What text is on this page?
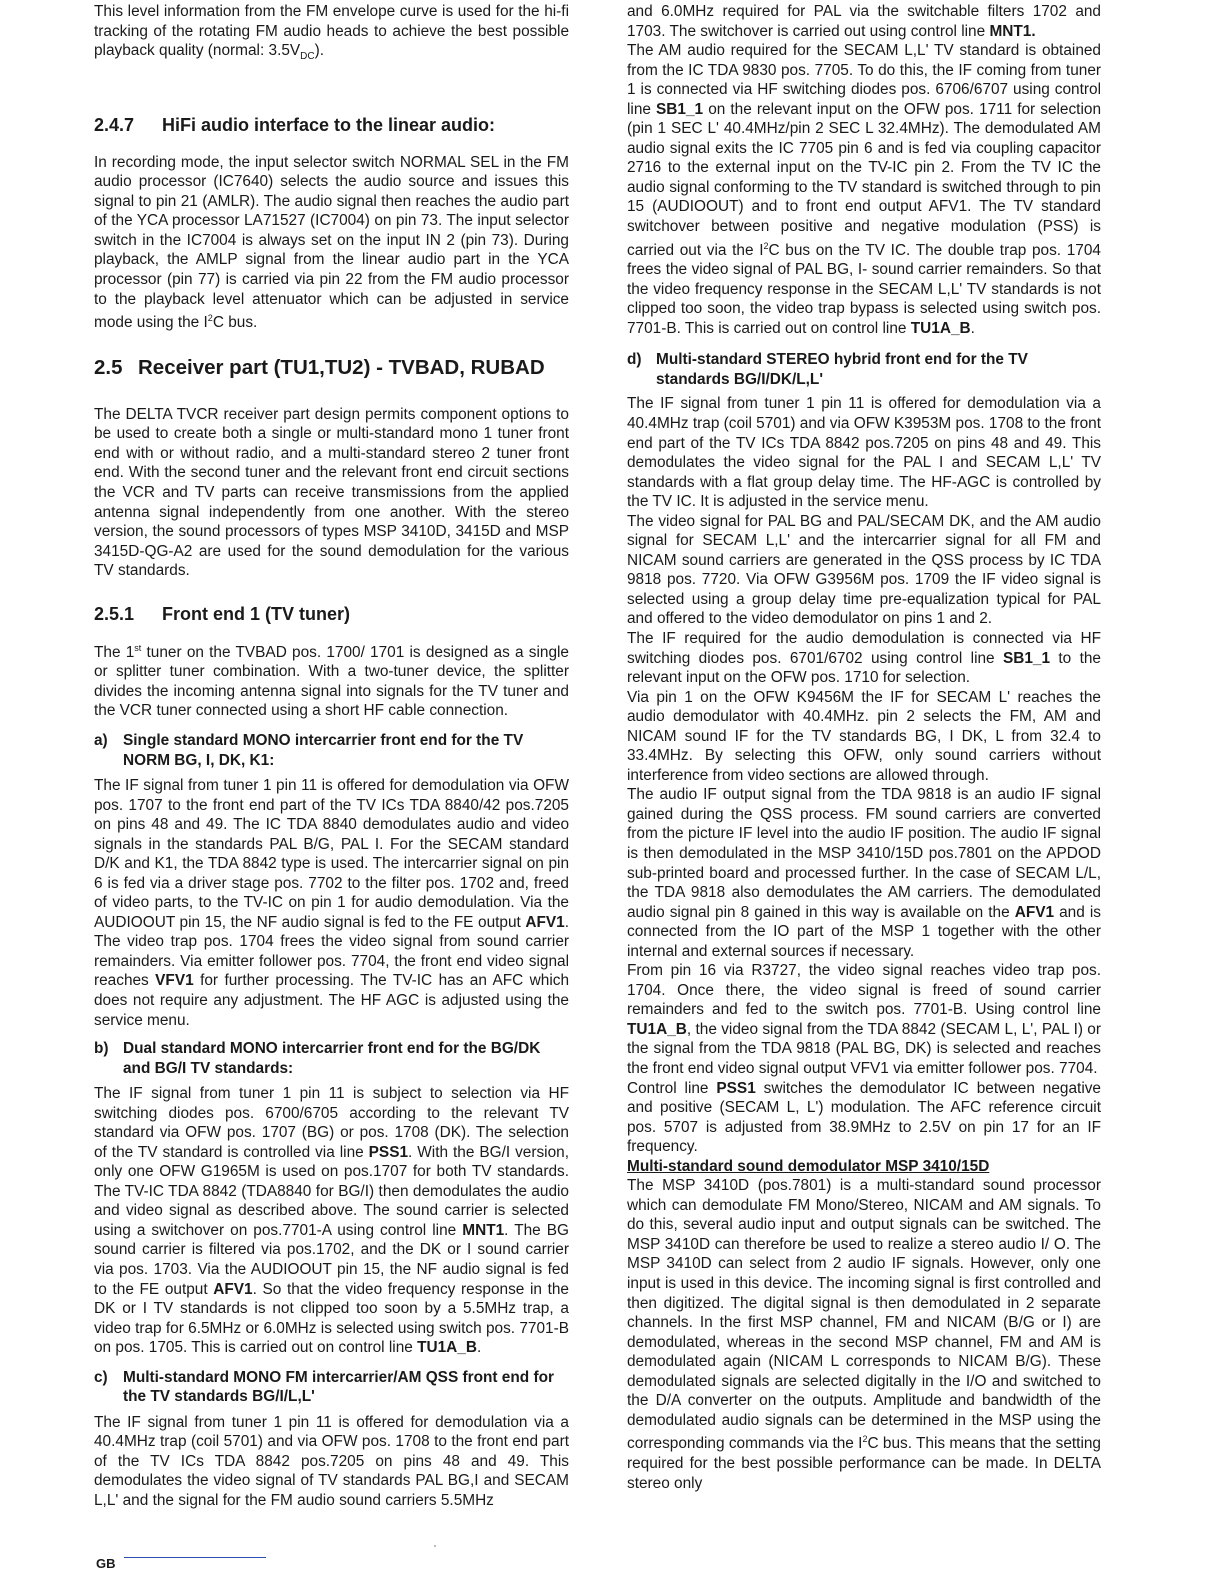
This level information from the FM envelope curve is used for the hi-fi tracking of the rotating FM audio heads to achieve the best possible playback quality (normal: $3.5V_{DC}$).

2.4.7 HiFi audio interface to the linear audio:

In recording mode, the input selector switch NORMAL SEL in the FM audio processor (IC7640) selects the audio source and issues this signal to pin 21 (AMLR). The audio signal then reaches the audio part of the YCA processor LA71527 (IC7004) on pin 73. The input selector switch in the IC7004 is always set on the input IN 2 (pin 73). During playback, the AMLP signal from the linear audio part in the YCA processor (pin 77) is carried via pin 22 from the FM audio processor to the playback level attenuator which can be adjusted in service mode using the $I^2C$ bus.

2.5 Receiver part (TU1,TU2) - TVBAD, RUBAD

The DELTA TVCR receiver part design permits component options to be used to create both a single or multi-standard mono 1 tuner front end with or without radio, and a multi-standard stereo 2 tuner front end. With the second tuner and the relevant front end circuit sections the VCR and TV parts can receive transmissions from the applied antenna signal independently from one another. With the stereo version, the sound processors of types MSP 3410D, 3415D and MSP 3415D-QG-A2 are used for the sound demodulation for the various TV standards.

2.5.1 Front end 1 (TV tuner)

The 1st tuner on the TVBAD pos. 1700/ 1701 is designed as a single or splitter tuner combination. With a two-tuner device, the splitter divides the incoming antenna signal into signals for the TV tuner and the VCR tuner connected using a short HF cable connection.

a) Single standard MONO intercarrier front end for the TV NORM BG, I, DK, K1:

The IF signal from tuner 1 pin 11 is offered for demodulation via OFW pos. 1707 to the front end part of the TV ICs TDA 8840/42 pos.7205 on pins 48 and 49. The IC TDA 8840 demodulates audio and video signals in the standards PAL B/G, PAL I. For the SECAM standard D/K and K1, the TDA 8842 type is used. The intercarrier signal on pin 6 is fed via a driver stage pos. 7702 to the filter pos. 1702 and, freed of video parts, to the TV-IC on pin 1 for audio demodulation. Via the AUDIOOUT pin 15, the NF audio signal is fed to the FE output AFV1. The video trap pos. 1704 frees the video signal from sound carrier remainders. Via emitter follower pos. 7704, the front end video signal reaches VFV1 for further processing. The TV-IC has an AFC which does not require any adjustment. The HF AGC is adjusted using the service menu.

b) Dual standard MONO intercarrier front end for the BG/DK and BG/I TV standards:

The IF signal from tuner 1 pin 11 is subject to selection via HF switching diodes pos. 6700/6705 according to the relevant TV standard via OFW pos. 1707 (BG) or pos. 1708 (DK). The selection of the TV standard is controlled via line PSS1. With the BG/I version, only one OFW G1965M is used on pos.1707 for both TV standards. The TV-IC TDA 8842 (TDA8840 for BG/I) then demodulates the audio and video signal as described above. The sound carrier is selected using a switchover on pos.7701-A using control line MNT1. The BG sound carrier is filtered via pos.1702, and the DK or I sound carrier via pos. 1703. Via the AUDIOOUT pin 15, the NF audio signal is fed to the FE output AFV1. So that the video frequency response in the DK or I TV standards is not clipped too soon by a 5.5MHz trap, a video trap for 6.5MHz or 6.0MHz is selected using switch pos. 7701-B on pos. 1705. This is carried out on control line TU1A_B.

c) Multi-standard MONO FM intercarrier/AM QSS front end for the TV standards BG/I/L,L'

The IF signal from tuner 1 pin 11 is offered for demodulation via a 40.4MHz trap (coil 5701) and via OFW pos. 1708 to the front end part of the TV ICs TDA 8842 pos.7205 on pins 48 and 49. This demodulates the video signal of TV standards PAL BG,I and SECAM L,L' and the signal for the FM audio sound carriers 5.5MHz

and 6.0MHz required for PAL via the switchable filters 1702 and 1703. The switchover is carried out using control line MNT1.

The AM audio required for the SECAM L,L' TV standard is obtained from the IC TDA 9830 pos. 7705. To do this, the IF coming from tuner 1 is connected via HF switching diodes pos. 6706/6707 using control line SB1_1 on the relevant input on the OFW pos. 1711 for selection (pin 1 SEC L' 40.4MHz/pin 2 SEC L 32.4MHz). The demodulated AM audio signal exits the IC 7705 pin 6 and is fed via coupling capacitor 2716 to the external input on the TV-IC pin 2. From the TV IC the audio signal conforming to the TV standard is switched through to pin 15 (AUDIOOUT) and to front end output AFV1. The TV standard switchover between positive and negative modulation (PSS) is carried out via the $I^2C$ bus on the TV IC. The double trap pos. 1704 frees the video signal of PAL BG, I- sound carrier remainders. So that the video frequency response in the SECAM L,L' TV standards is not clipped too soon, the video trap bypass is selected using switch pos. 7701-B. This is carried out on control line TU1A_B.

d) Multi-standard STEREO hybrid front end for the TV standards BG/I/DK/L,L'

The IF signal from tuner 1 pin 11 is offered for demodulation via a 40.4MHz trap (coil 5701) and via OFW K3953M pos. 1708 to the front end part of the TV ICs TDA 8842 pos.7205 on pins 48 and 49. This demodulates the video signal for the PAL I and SECAM L,L' TV standards with a flat group delay time. The HF-AGC is controlled by the TV IC. It is adjusted in the service menu.

The video signal for PAL BG and PAL/SECAM DK, and the AM audio signal for SECAM L,L' and the intercarrier signal for all FM and NICAM sound carriers are generated in the QSS process by IC TDA 9818 pos. 7720. Via OFW G3956M pos. 1709 the IF video signal is selected using a group delay time pre-equalization typical for PAL and offered to the video demodulator on pins 1 and 2.

The IF required for the audio demodulation is connected via HF switching diodes pos. 6701/6702 using control line SB1_1 to the relevant input on the OFW pos. 1710 for selection.

Via pin 1 on the OFW K9456M the IF for SECAM L' reaches the audio demodulator with 40.4MHz. pin 2 selects the FM, AM and NICAM sound IF for the TV standards BG, I DK, L from 32.4 to 33.4MHz. By selecting this OFW, only sound carriers without interference from video sections are allowed through.

The audio IF output signal from the TDA 9818 is an audio IF signal gained during the QSS process. FM sound carriers are converted from the picture IF level into the audio IF position. The audio IF signal is then demodulated in the MSP 3410/15D pos.7801 on the APDOD sub-printed board and processed further. In the case of SECAM L/L, the TDA 9818 also demodulates the AM carriers. The demodulated audio signal pin 8 gained in this way is available on the AFV1 and is connected from the IO part of the MSP 1 together with the other internal and external sources if necessary.

From pin 16 via R3727, the video signal reaches video trap pos. 1704. Once there, the video signal is freed of sound carrier remainders and fed to the switch pos. 7701-B. Using control line TU1A_B, the video signal from the TDA 8842 (SECAM L, L', PAL I) or the signal from the TDA 9818 (PAL BG, DK) is selected and reaches the front end video signal output VFV1 via emitter follower pos. 7704.

Control line PSS1 switches the demodulator IC between negative and positive (SECAM L, L') modulation. The AFC reference circuit pos. 5707 is adjusted from 38.9MHz to 2.5V on pin 17 for an IF frequency.

Multi-standard sound demodulator MSP 3410/15D

The MSP 3410D (pos.7801) is a multi-standard sound processor which can demodulate FM Mono/Stereo, NICAM and AM signals. To do this, several audio input and output signals can be switched. The MSP 3410D can therefore be used to realize a stereo audio I/ O. The MSP 3410D can select from 2 audio IF signals. However, only one input is used in this device. The incoming signal is first controlled and then digitized. The digital signal is then demodulated in 2 separate channels. In the first MSP channel, FM and NICAM (B/G or I) are demodulated, whereas in the second MSP channel, FM and AM is demodulated again (NICAM L corresponds to NICAM B/G). These demodulated signals are selected digitally in the I/O and switched to the D/A converter on the outputs. Amplitude and bandwidth of the demodulated audio signals can be determined in the MSP using the corresponding commands via the $I^2C$ bus. This means that the setting required for the best possible performance can be made. In DELTA stereo only

GB
